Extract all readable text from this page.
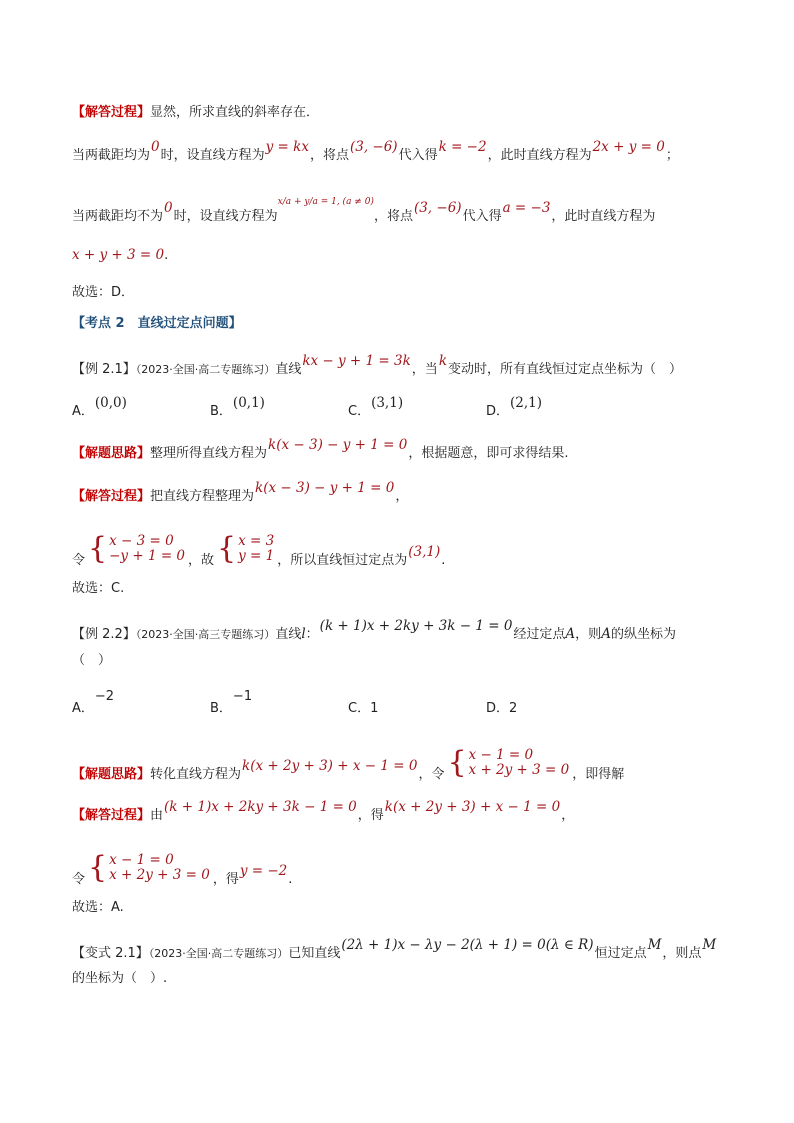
【解答过程】显然，所求直线的斜率存在．
当两截距均为0时，设直线方程为y = kx，将点(3, −6)代入得k = −2，此时直线方程为2x + y = 0；
当两截距均不为0时，设直线方程为$^{x/a + y/a = 1, (a \ne 0)}$，将点(3, −6)代入得a = −3，此时直线方程为
x + y + 3 = 0.
故选：D．
【考点 2　直线过定点问题】
【例 2.1】（2023·全国·高二专题练习）直线kx − y + 1 = 3k，当k变动时，所有直线恒过定点坐标为（　）
A．(0,0)
B．(0,1)
C．(3,1)
D．(2,1)
【解题思路】整理所得直线方程为k(x − 3) − y + 1 = 0，根据题意，即可求得结果.
【解答过程】把直线方程整理为k(x − 3) − y + 1 = 0，
令 { x − 3 = 0
−y + 1 = 0 ，故 { x = 3
y = 1 ，所以直线恒过定点为(3,1).
故选：C.
【例 2.2】（2023·全国·高三专题练习）直线l：(k + 1)x + 2ky + 3k − 1 = 0经过定点A，则A的纵坐标为
（　）
A．−2
B．−1
C．1	D．2
【解题思路】转化直线方程为k(x + 2y + 3) + x − 1 = 0，令 { x − 1 = 0
x + 2y + 3 = 0 ，即得解
【解答过程】由(k + 1)x + 2ky + 3k − 1 = 0，得k(x + 2y + 3) + x − 1 = 0，
令 { x − 1 = 0
x + 2y + 3 = 0 ，得y = −2.
故选：A.
【变式 2.1】（2023·全国·高二专题练习）已知直线(2λ + 1)x − λy − 2(λ + 1) = 0(λ ∈ R)恒过定点M，则点M
的坐标为（　）.
